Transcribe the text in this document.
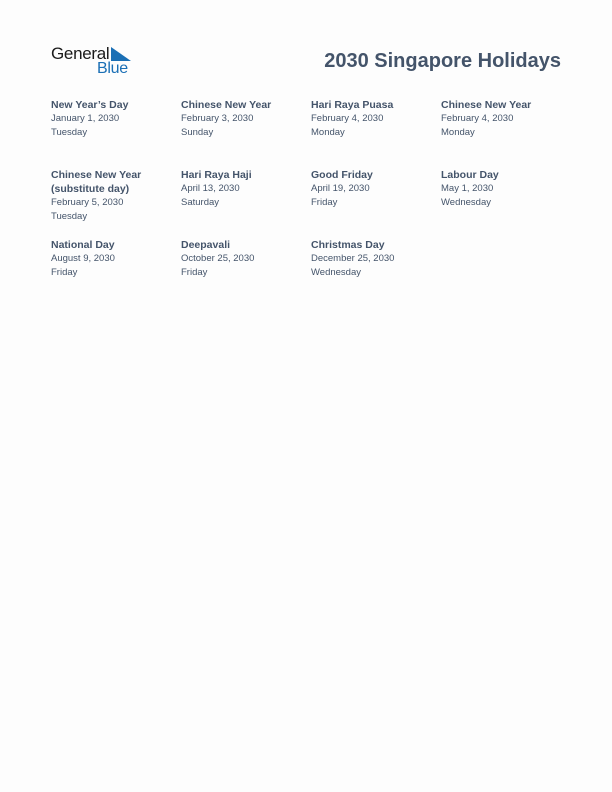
General
Blue	2030 Singapore Holidays
New Year’s Day
January 1, 2030
Tuesday
Chinese New Year
February 3, 2030
Sunday
Hari Raya Puasa
February 4, 2030
Monday
Chinese New Year
February 4, 2030
Monday
Chinese New Year
(substitute day)
February 5, 2030
Tuesday
Hari Raya Haji
April 13, 2030
Saturday
Good Friday
April 19, 2030
Friday
Labour Day
May 1, 2030
Wednesday
National Day
August 9, 2030
Friday
Deepavali
October 25, 2030
Friday
Christmas Day
December 25, 2030
Wednesday
